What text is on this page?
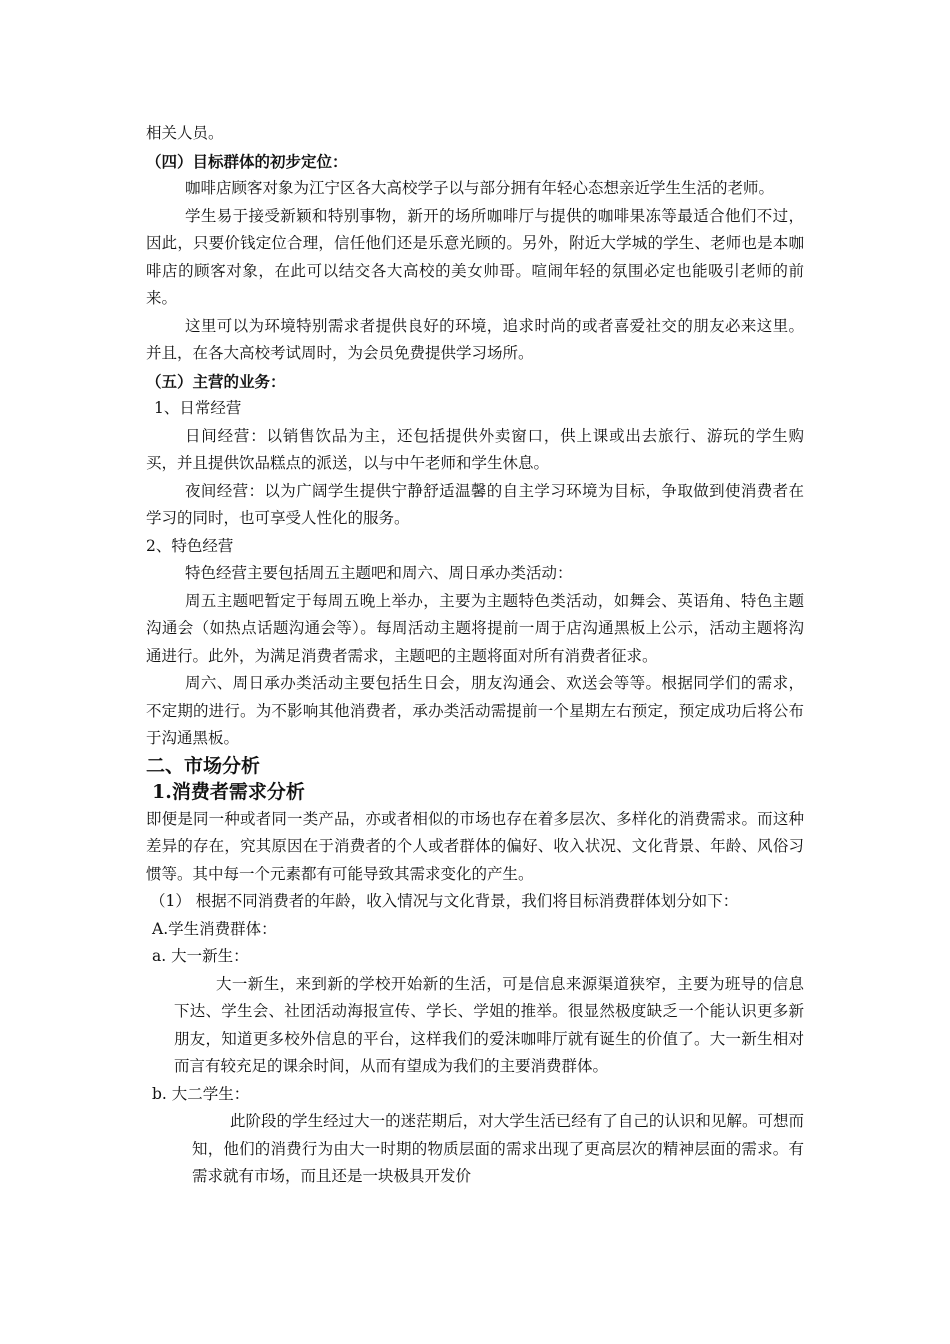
相关人员。

（四）目标群体的初步定位：

咖啡店顾客对象为江宁区各大高校学子以与部分拥有年轻心态想亲近学生生活的老师。

学生易于接受新颖和特别事物，新开的场所咖啡厅与提供的咖啡果冻等最适合他们不过，因此，只要价钱定位合理，信任他们还是乐意光顾的。另外，附近大学城的学生、老师也是本咖啡店的顾客对象，在此可以结交各大高校的美女帅哥。喧闹年轻的氛围必定也能吸引老师的前来。

这里可以为环境特别需求者提供良好的环境，追求时尚的或者喜爱社交的朋友必来这里。并且，在各大高校考试周时，为会员免费提供学习场所。

（五）主营的业务：

1、日常经营

日间经营：以销售饮品为主，还包括提供外卖窗口，供上课或出去旅行、游玩的学生购买，并且提供饮品糕点的派送，以与中午老师和学生休息。

夜间经营：以为广阔学生提供宁静舒适温馨的自主学习环境为目标，争取做到使消费者在学习的同时，也可享受人性化的服务。

2、特色经营

特色经营主要包括周五主题吧和周六、周日承办类活动：

周五主题吧暂定于每周五晚上举办，主要为主题特色类活动，如舞会、英语角、特色主题沟通会（如热点话题沟通会等）。每周活动主题将提前一周于店沟通黑板上公示，活动主题将沟通进行。此外，为满足消费者需求，主题吧的主题将面对所有消费者征求。

周六、周日承办类活动主要包括生日会，朋友沟通会、欢送会等等。根据同学们的需求，不定期的进行。为不影响其他消费者，承办类活动需提前一个星期左右预定，预定成功后将公布于沟通黑板。

二、市场分析

1.消费者需求分析

即便是同一种或者同一类产品，亦或者相似的市场也存在着多层次、多样化的消费需求。而这种差异的存在，究其原因在于消费者的个人或者群体的偏好、收入状况、文化背景、年龄、风俗习惯等。其中每一个元素都有可能导致其需求变化的产生。

（1） 根据不同消费者的年龄，收入情况与文化背景，我们将目标消费群体划分如下：

A.学生消费群体：

a. 大一新生：

大一新生，来到新的学校开始新的生活，可是信息来源渠道狭窄，主要为班导的信息下达、学生会、社团活动海报宣传、学长、学姐的推举。很显然极度缺乏一个能认识更多新朋友，知道更多校外信息的平台，这样我们的爱沫咖啡厅就有诞生的价值了。大一新生相对而言有较充足的课余时间，从而有望成为我们的主要消费群体。

b. 大二学生：

此阶段的学生经过大一的迷茫期后，对大学生活已经有了自己的认识和见解。可想而知，他们的消费行为由大一时期的物质层面的需求出现了更高层次的精神层面的需求。有需求就有市场，而且还是一块极具开发价
